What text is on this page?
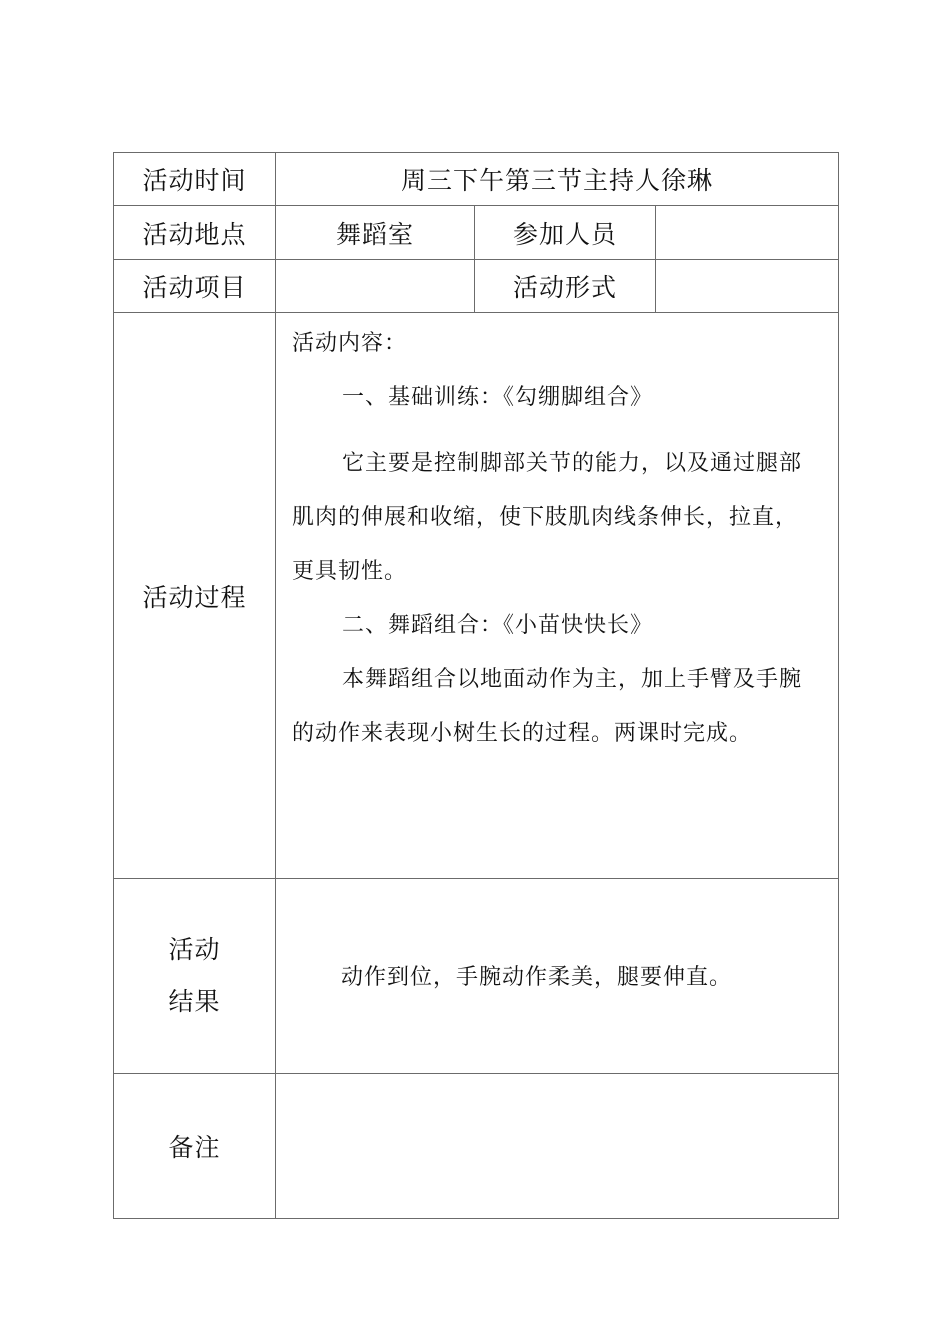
活动时间	周三下午第三节主持人徐琳		
活动地点	舞蹈室	参加人员	
活动项目		活动形式	
活动过程	活动内容：

一、基础训练：《勾绷脚组合》

它主要是控制脚部关节的能力，以及通过腿部肌肉的伸展和收缩，使下肢肌肉线条伸长，拉直，更具韧性。

二、舞蹈组合：《小苗快快长》

本舞蹈组合以地面动作为主，加上手臂及手腕的动作来表现小树生长的过程。两课时完成。		

活动
结果	动作到位，手腕动作柔美，腿要伸直。		
备注			
